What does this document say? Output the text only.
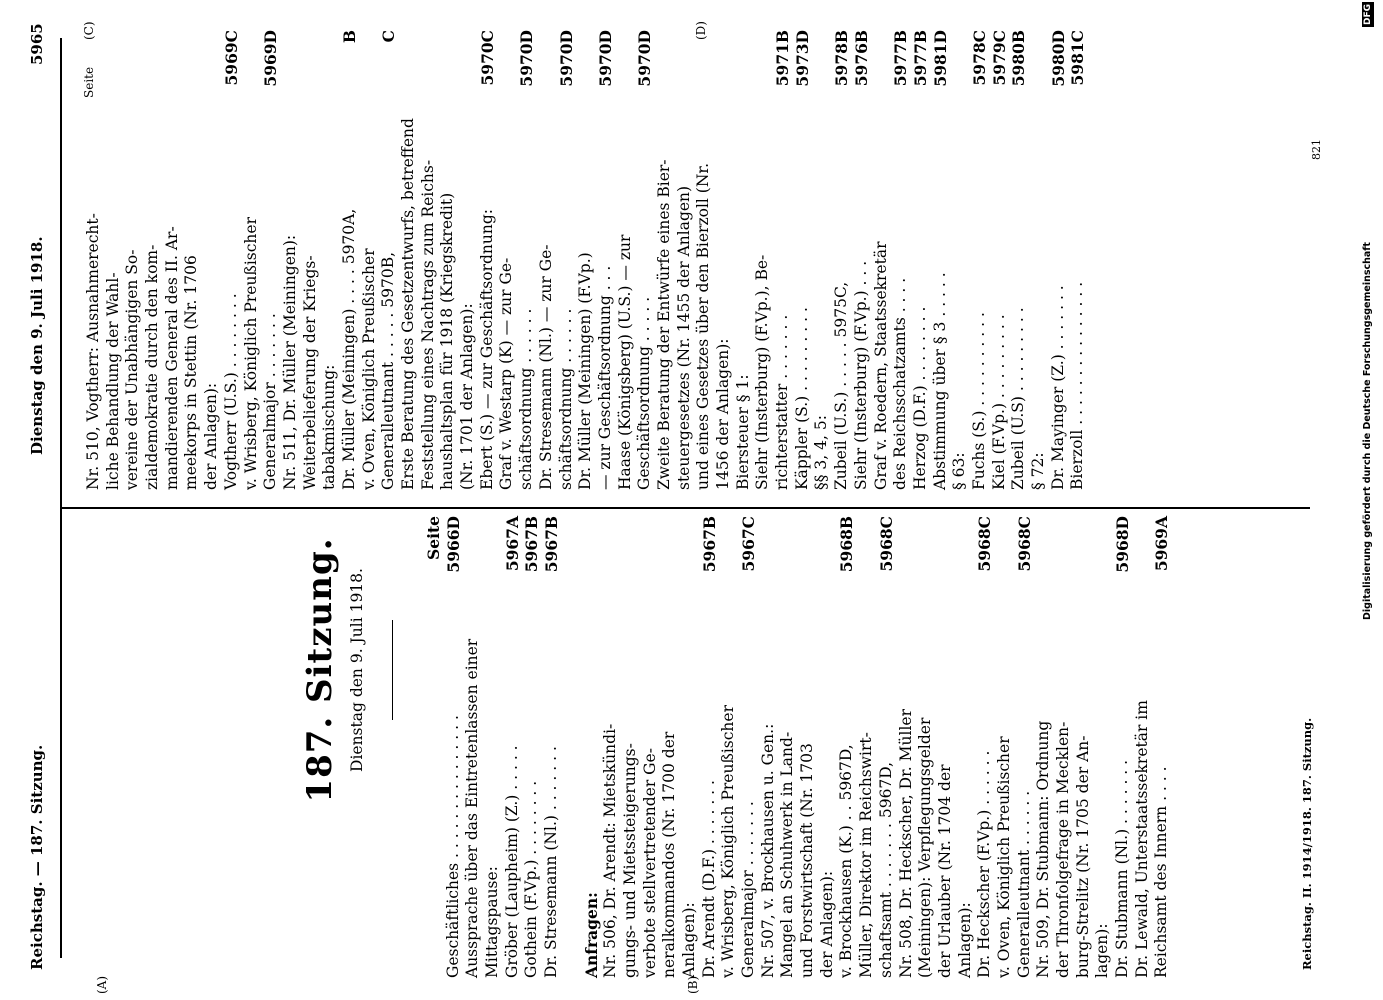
Reichstag. — 187. Sitzung.
Dienstag den 9. Juli 1918.
5965
(A)	(B)
(C)	(D)
Seite
187. Sitzung. Dienstag den 9. Juli 1918.
Seite
Geschäftliches . . . . . . . . . . . . . . .
5966D
Aussprache über das Eintretenlassen einer Mittagspause: Gröber (Laupheim) (Z.) . . . . .
5967A
Gothein (F.Vp.) . . . . . . . .
5967B
Dr. Stresemann (Nl.) . . . . . . .
5967B
Anfragen: Nr. 506, Dr. Arendt: Mietskündi- gungs- und Mietssteigerungs- verbote stellvertretender Ge- neralkommandos (Nr. 1700 der Anlagen): Dr. Arendt (D.F.) . . . . . . .
5967B
v. Wrisberg, Königlich Preußischer Generalmajor . . . . . . .
5967C
Nr. 507, v. Brockhausen u. Gen.: Mangel an Schuhwerk in Land- und Forstwirtschaft (Nr. 1703 der Anlagen): v. Brockhausen (K.) . . 5967D,
5968B
Müller, Direktor im Reichswirt- schaftsamt . . . . . . . 5967D,
5968C
Nr. 508, Dr. Heckscher, Dr. Müller (Meiningen): Verpflegungsgelder der Urlauber (Nr. 1704 der Anlagen): Dr. Heckscher (F.Vp.) . . . . . .
5968C
v. Oven, Königlich Preußischer Generalleutnant . . . . . .
5968C
Nr. 509, Dr. Stubmann: Ordnung der Thronfolgefrage in Mecklen- burg-Strelitz (Nr. 1705 der An- lagen): Dr. Stubmann (Nl.) . . . . . . .
5968D
Dr. Lewald, Unterstaatssekretär im Reichsamt des Innern . . . .
5969A
Nr. 510, Vogtherr: Ausnahmerecht- liche Behandlung der Wahl- vereine der Unabhängigen So- zialdemokratie durch den kom- mandierenden General des II. Ar- meekorps in Stettin (Nr. 1706 der Anlagen): Vogtherr (U.S.) . . . . . . . .
5969C
v. Wrisberg, Königlich Preußischer Generalmajor . . . . . . .
5969D
Nr. 511, Dr. Müller (Meiningen): Weiterbelieferung der Kriegs- tabakmischung: Dr. Müller (Meiningen) . . . . 5970A,
B
v. Oven, Königlich Preußischer Generalleutnant . . . . . 5970B,
C
Erste Beratung des Gesetzentwurfs, betreffend Feststellung eines Nachtrags zum Reichs- haushaltsplan für 1918 (Kriegskredit) (Nr. 1701 der Anlagen): Ebert (S.) — zur Geschäftsordnung:
5970C
Graf v. Westarp (K) — zur Ge- schäftsordnung . . . . . .
5970D
Dr. Stresemann (Nl.) — zur Ge- schäftsordnung . . . . . .
5970D
Dr. Müller (Meiningen) (F.Vp.) — zur Geschäftsordnung . . .
5970D
Haase (Königsberg) (U.S.) — zur Geschäftsordnung . . . . .
5970D
Zweite Beratung der Entwürfe eines Bier- steuergesetzes (Nr. 1455 der Anlagen) und eines Gesetzes über den Bierzoll (Nr. 1456 der Anlagen): Biersteuer § 1: Siehr (Insterburg) (F.Vp.), Be- richterstatter . . . . . . .
5971B
Käppler (S.) . . . . . . . . .
5973D
§§ 3, 4, 5: Zubeil (U.S.) . . . . . 5975C,
5978B
Siehr (Insterburg) (F.Vp.) . . .
5976B
Graf v. Roedern, Staatssekretär des Reichsschatzamts . . . .
5977B
Herzog (D.F.) . . . . . . . .
5977B
Abstimmung über § 3 . . . . .
5981D
§ 63: Fuchs (S.) . . . . . . . . . .
5978C
Kiel (F.Vp.) . . . . . . . . .
5979C
Zubeil (U.S) . . . . . . . . .
5980B
§ 72: Dr. Mayinger (Z.) . . . . . . .
5980D
Bierzoll . . . . . . . . . . . . . . .
5981C
Reichstag. II. 1914/1918. 187. Sitzung.
821
Digitalisierung gefördert durch die Deutsche Forschungsgemeinschaft
DFG
